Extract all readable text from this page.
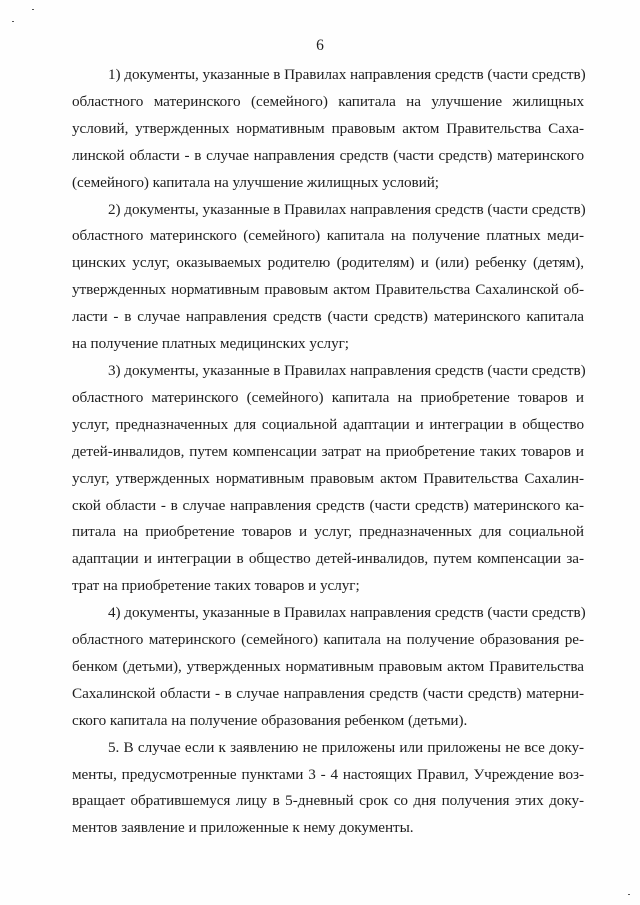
6
1) документы, указанные в Правилах направления средств (части средств)
областного материнского (семейного) капитала на улучшение жилищных
условий, утвержденных нормативным правовым актом Правительства Саха-
линской области - в случае направления средств (части средств) материнского
(семейного) капитала на улучшение жилищных условий;
2) документы, указанные в Правилах направления средств (части средств)
областного материнского (семейного) капитала на получение платных меди-
цинских услуг, оказываемых родителю (родителям) и (или) ребенку (детям),
утвержденных нормативным правовым актом Правительства Сахалинской об-
ласти - в случае направления средств (части средств) материнского капитала
на получение платных медицинских услуг;
3) документы, указанные в Правилах направления средств (части средств)
областного материнского (семейного) капитала на приобретение товаров и
услуг, предназначенных для социальной адаптации и интеграции в общество
детей-инвалидов, путем компенсации затрат на приобретение таких товаров и
услуг, утвержденных нормативным правовым актом Правительства Сахалин-
ской области - в случае направления средств (части средств) материнского ка-
питала на приобретение товаров и услуг, предназначенных для социальной
адаптации и интеграции в общество детей-инвалидов, путем компенсации за-
трат на приобретение таких товаров и услуг;
4) документы, указанные в Правилах направления средств (части средств)
областного материнского (семейного) капитала на получение образования ре-
бенком (детьми), утвержденных нормативным правовым актом Правительства
Сахалинской области - в случае направления средств (части средств) матерни-
ского капитала на получение образования ребенком (детьми).
5. В случае если к заявлению не приложены или приложены не все доку-
менты, предусмотренные пунктами 3 - 4 настоящих Правил, Учреждение воз-
вращает обратившемуся лицу в 5-дневный срок со дня получения этих доку-
ментов заявление и приложенные к нему документы.
